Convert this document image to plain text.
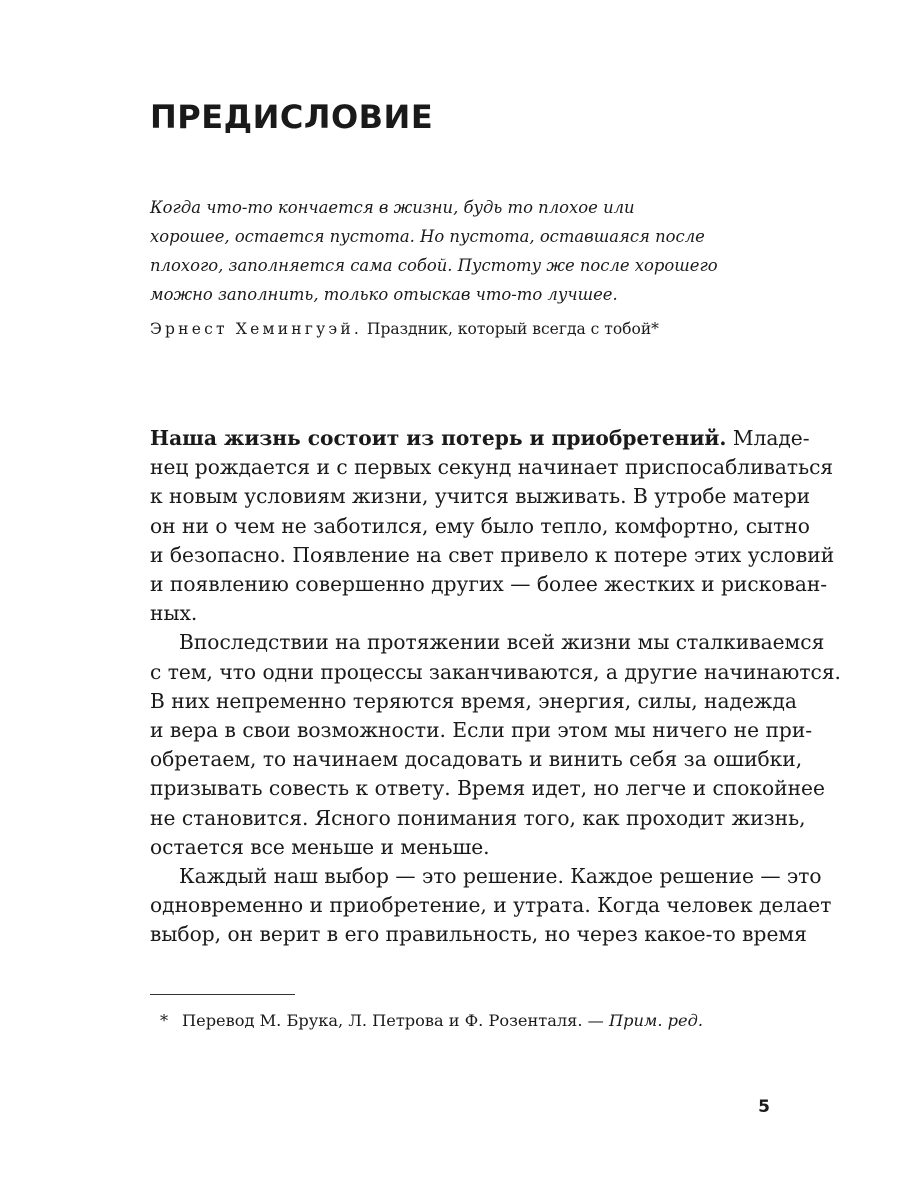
ПРЕДИСЛОВИЕ
Когда что-то кончается в жизни, будь то плохое или
хорошее, остается пустота. Но пустота, оставшаяся после
плохого, заполняется сама собой. Пустоту же после хорошего
можно заполнить, только отыскав что-то лучшее.
Эрнест Хемингуэй. Праздник, который всегда с тобой*
Наша жизнь состоит из потерь и приобретений. Младе-
нец рождается и с первых секунд начинает приспосабливаться
к новым условиям жизни, учится выживать. В утробе матери
он ни о чем не заботился, ему было тепло, комфортно, сытно
и безопасно. Появление на свет привело к потере этих условий
и появлению совершенно других — более жестких и рискован-
ных.
Впоследствии на протяжении всей жизни мы сталкиваемся
с тем, что одни процессы заканчиваются, а другие начинаются.
В них непременно теряются время, энергия, силы, надежда
и вера в свои возможности. Если при этом мы ничего не при-
обретаем, то начинаем досадовать и винить себя за ошибки,
призывать совесть к ответу. Время идет, но легче и спокойнее
не становится. Ясного понимания того, как проходит жизнь,
остается все меньше и меньше.
Каждый наш выбор — это решение. Каждое решение — это
одновременно и приобретение, и утрата. Когда человек делает
выбор, он верит в его правильность, но через какое-то время
* Перевод М. Брука, Л. Петрова и Ф. Розенталя. — Прим. ред.
5
